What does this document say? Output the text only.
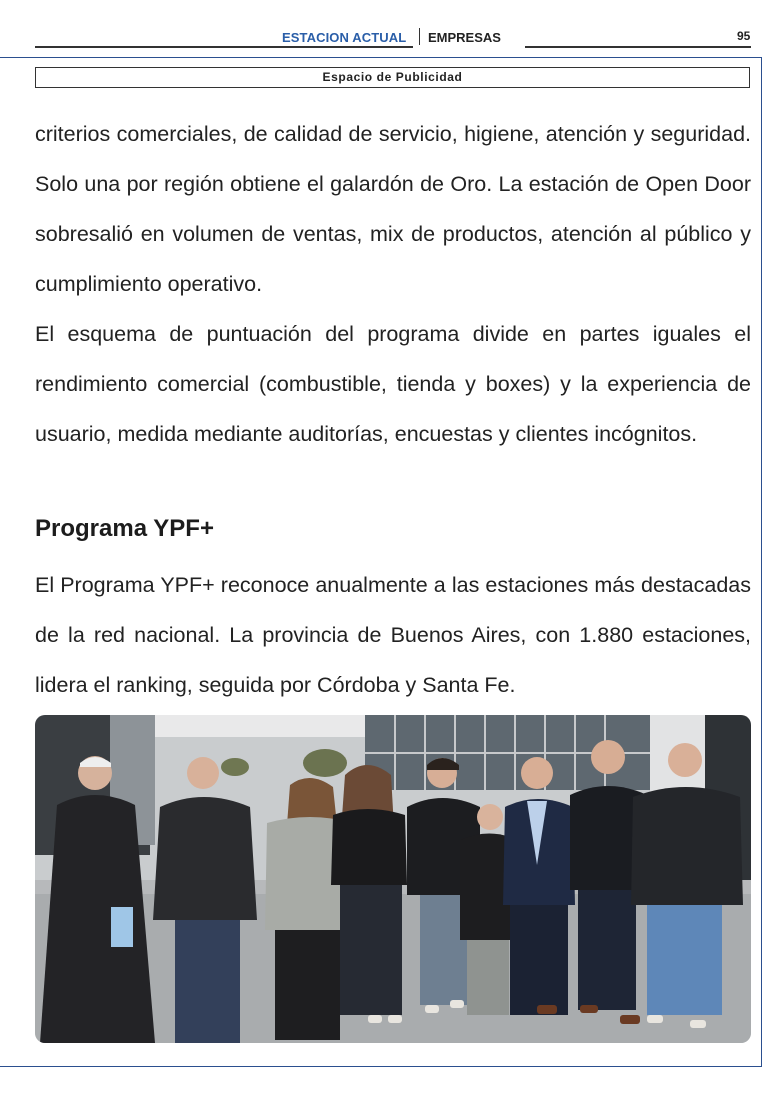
ESTACION ACTUAL EMPRESAS	95
Espacio de Publicidad

criterios comerciales, de calidad de servicio, higiene, atención y seguridad. Solo una por región obtiene el galardón de Oro. La estación de Open Door sobresalió en volumen de ventas, mix de productos, atención al público y cumplimiento operativo.

El esquema de puntuación del programa divide en partes iguales el rendimiento comercial (combustible, tienda y boxes) y la experiencia de usuario, medida mediante auditorías, encuestas y clientes incógnitos.

Programa YPF+

El Programa YPF+ reconoce anualmente a las estaciones más destacadas de la red nacional. La provincia de Buenos Aires, con 1.880 estaciones, lidera el ranking, seguida por Córdoba y Santa Fe.
